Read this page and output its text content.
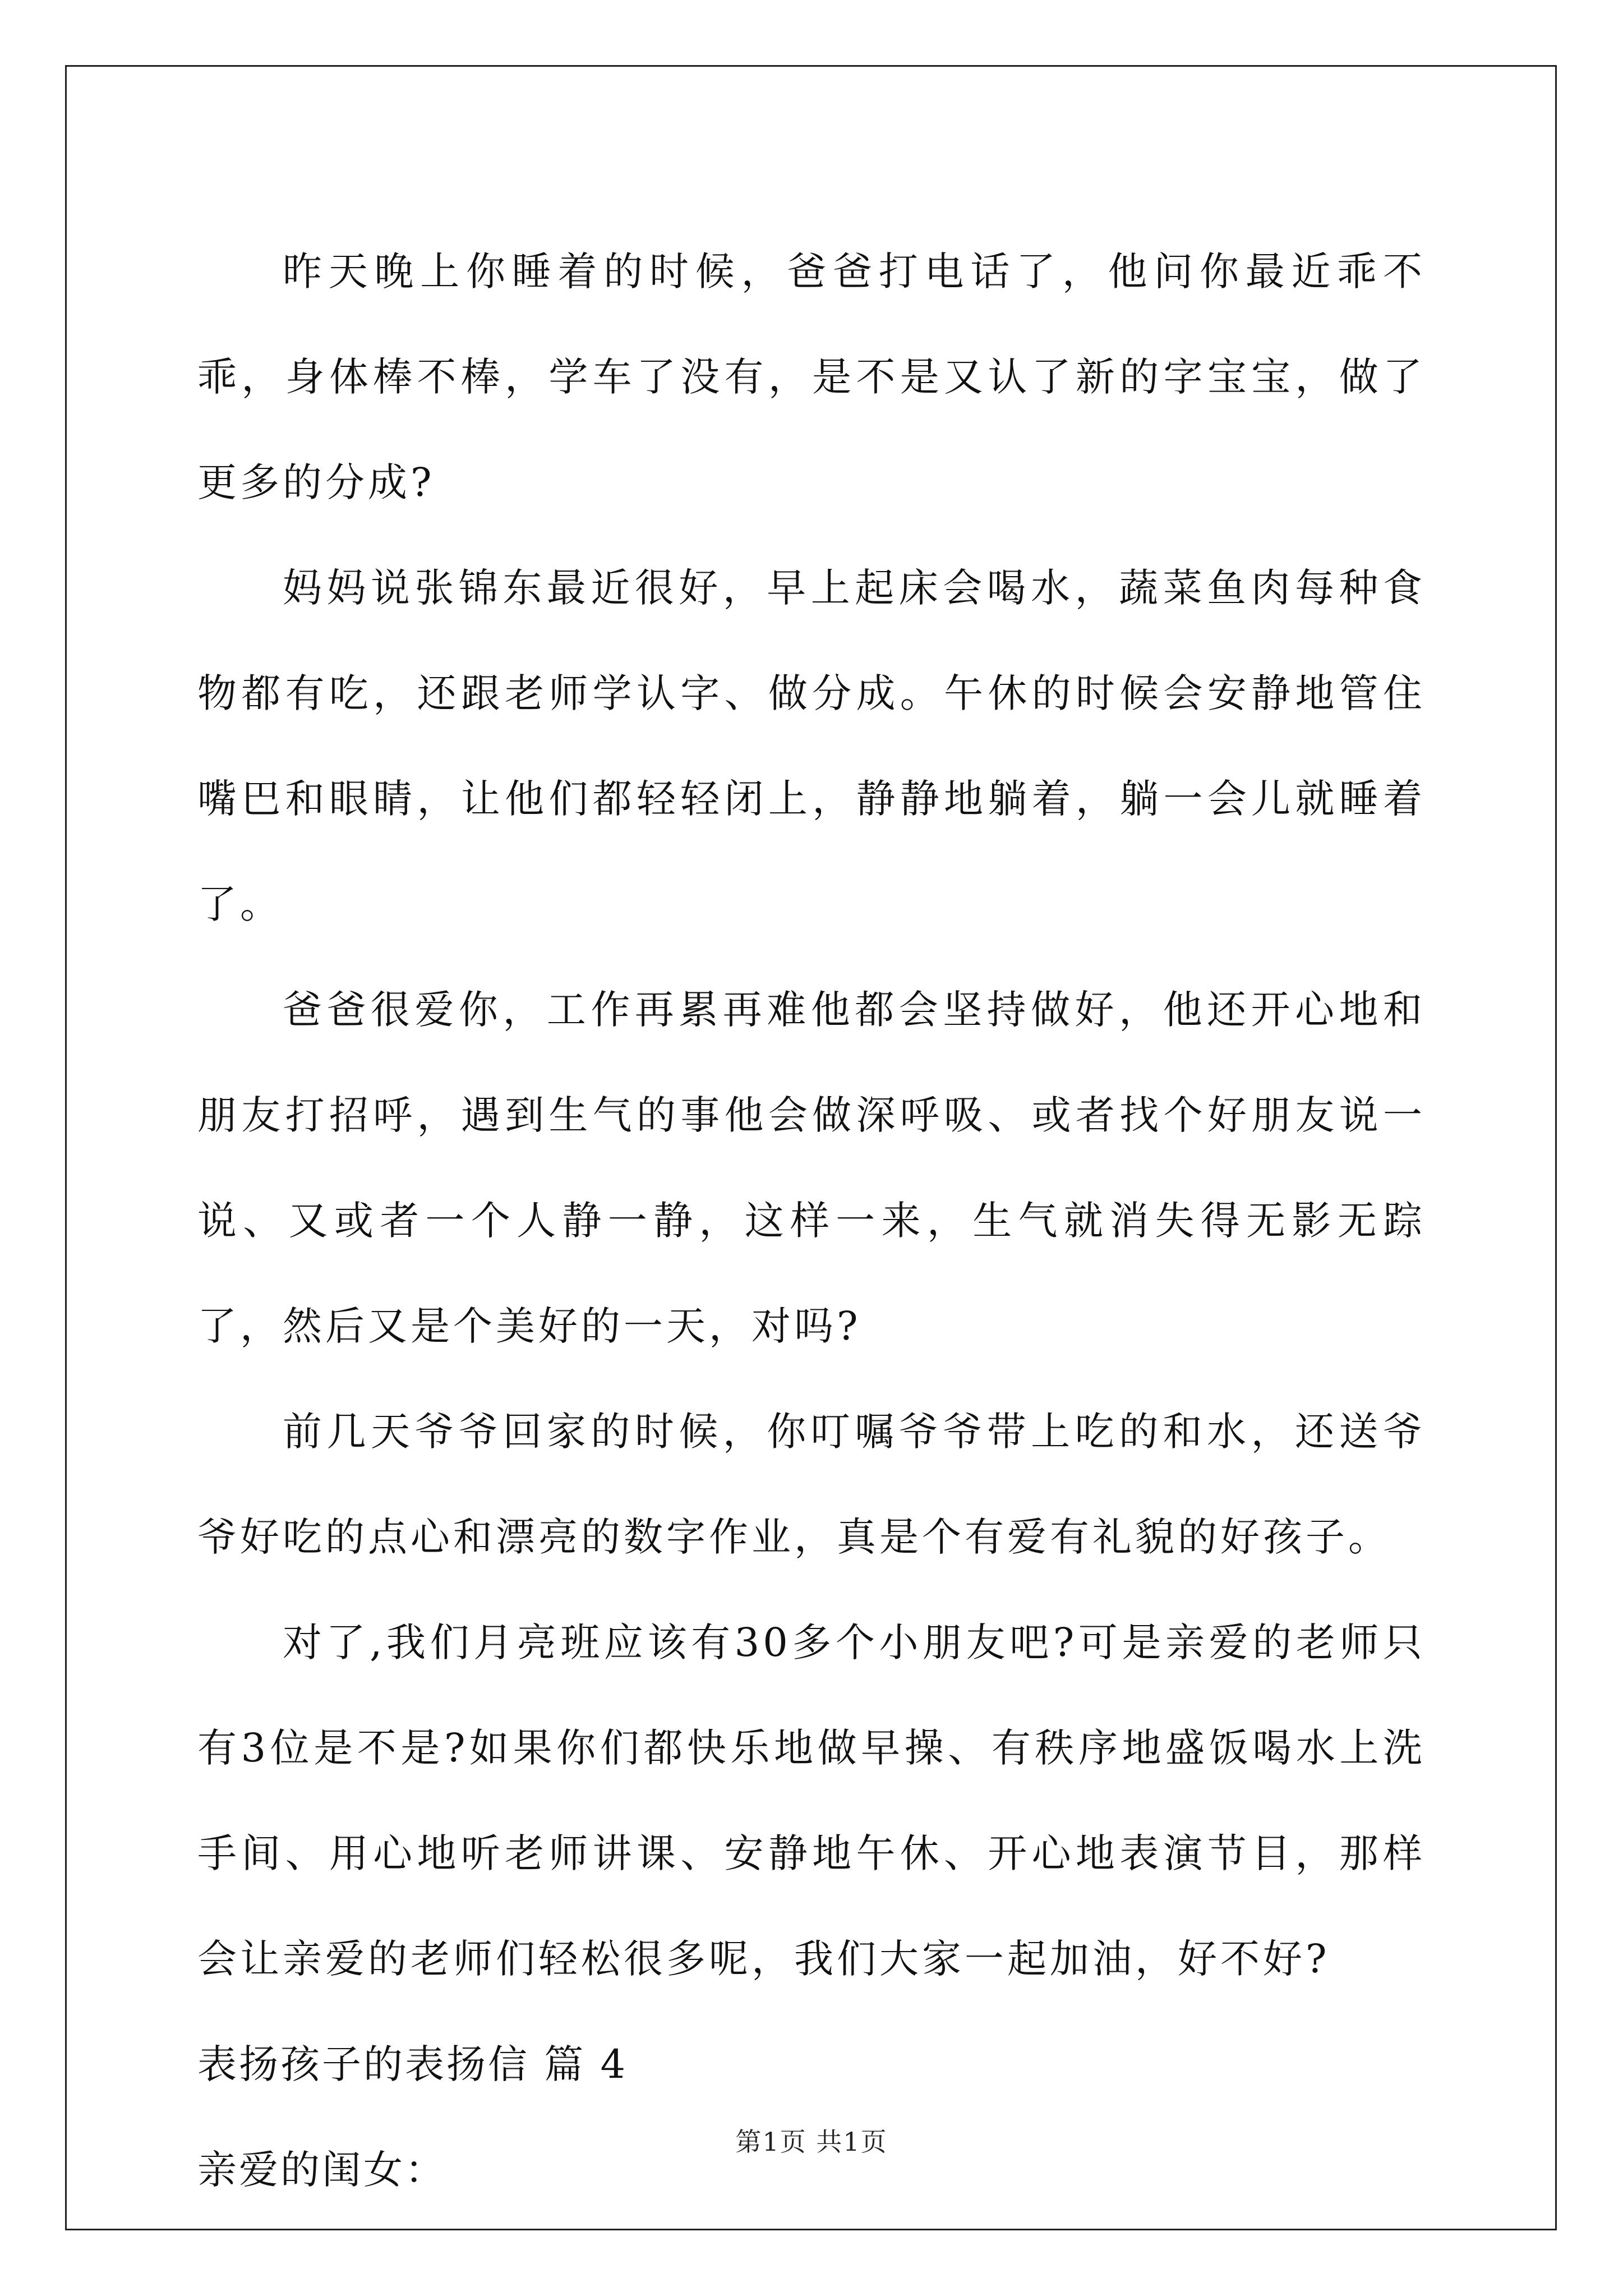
昨天晚上你睡着的时候，爸爸打电话了，他问你最近乖不乖，身体棒不棒，学车了没有，是不是又认了新的字宝宝，做了更多的分成?

妈妈说张锦东最近很好，早上起床会喝水，蔬菜鱼肉每种食物都有吃，还跟老师学认字、做分成。午休的时候会安静地管住嘴巴和眼睛，让他们都轻轻闭上，静静地躺着，躺一会儿就睡着了。

爸爸很爱你，工作再累再难他都会坚持做好，他还开心地和朋友打招呼，遇到生气的事他会做深呼吸、或者找个好朋友说一说、又或者一个人静一静，这样一来，生气就消失得无影无踪了，然后又是个美好的一天，对吗?

前几天爷爷回家的时候，你叮嘱爷爷带上吃的和水，还送爷爷好吃的点心和漂亮的数字作业，真是个有爱有礼貌的好孩子。

对了,我们月亮班应该有30多个小朋友吧?可是亲爱的老师只有3位是不是?如果你们都快乐地做早操、有秩序地盛饭喝水上洗手间、用心地听老师讲课、安静地午休、开心地表演节目，那样会让亲爱的老师们轻松很多呢，我们大家一起加油，好不好?

表扬孩子的表扬信 篇 4

亲爱的闺女：

第1页 共1页
